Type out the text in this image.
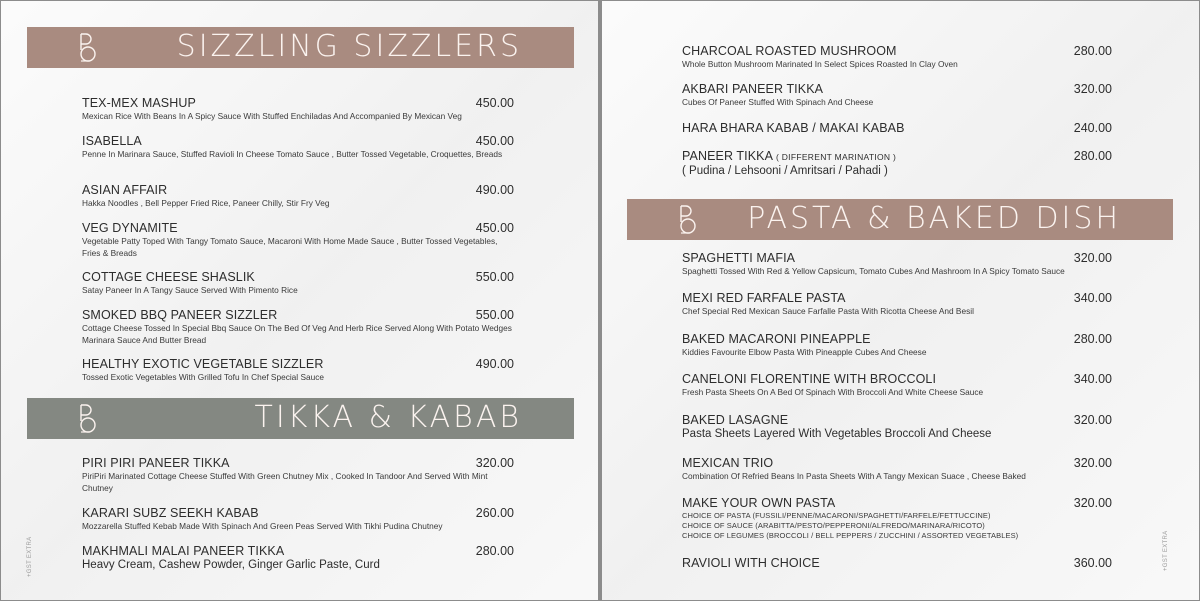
SIZZLING SIZZLERS
TEX-MEX MASHUP	450.00
Mexican Rice With Beans In A Spicy Sauce With Stuffed Enchiladas And Accompanied By Mexican Veg
ISABELLA	450.00
Penne In Marinara Sauce, Stuffed Ravioli In Cheese Tomato Sauce , Butter Tossed Vegetable, Croquettes, Breads
ASIAN AFFAIR	490.00
Hakka Noodles , Bell Pepper Fried Rice, Paneer Chilly, Stir Fry Veg
VEG DYNAMITE	450.00
Vegetable Patty Toped With Tangy Tomato Sauce, Macaroni With Home Made Sauce , Butter Tossed Vegetables, Fries & Breads
COTTAGE CHEESE SHASLIK	550.00
Satay Paneer In A Tangy Sauce Served With Pimento Rice
SMOKED BBQ PANEER SIZZLER	550.00
Cottage Cheese Tossed In Special Bbq Sauce On The Bed Of Veg And Herb Rice Served Along With Potato Wedges Marinara Sauce And Butter Bread
HEALTHY EXOTIC VEGETABLE SIZZLER	490.00
Tossed Exotic Vegetables With Grilled Tofu In Chef Special Sauce
TIKKA & KABAB
PIRI PIRI PANEER TIKKA	320.00
PiriPiri Marinated Cottage Cheese Stuffed With Green Chutney Mix , Cooked In Tandoor And Served With Mint Chutney
KARARI SUBZ SEEKH KABAB	260.00
Mozzarella Stuffed Kebab Made With Spinach And Green Peas Served With Tikhi Pudina Chutney
MAKHMALI MALAI PANEER TIKKA	280.00
Heavy Cream, Cashew Powder, Ginger Garlic Paste, Curd
+GST EXTRA
CHARCOAL ROASTED MUSHROOM	280.00
Whole Button Mushroom Marinated In Select Spices Roasted In Clay Oven
AKBARI PANEER TIKKA	320.00
Cubes Of Paneer Stuffed With Spinach And Cheese
HARA BHARA KABAB / MAKAI KABAB	240.00
PANEER TIKKA ( DIFFERENT MARINATION )	280.00
( Pudina / Lehsooni / Amritsari / Pahadi )
PASTA & BAKED DISH
SPAGHETTI MAFIA	320.00
Spaghetti Tossed With Red & Yellow Capsicum, Tomato Cubes And Mashroom In A Spicy Tomato Sauce
MEXI RED FARFALE PASTA	340.00
Chef Special Red Mexican Sauce Farfalle Pasta With Ricotta Cheese And Besil
BAKED MACARONI PINEAPPLE	280.00
Kiddies Favourite Elbow Pasta With Pineapple Cubes And Cheese
CANELONI FLORENTINE WITH BROCCOLI	340.00
Fresh Pasta Sheets On A Bed Of Spinach With Broccoli And White Cheese Sauce
BAKED LASAGNE	320.00
Pasta Sheets Layered With Vegetables Broccoli And Cheese
MEXICAN TRIO	320.00
Combination Of Refried Beans In Pasta Sheets With A Tangy Mexican Suace , Cheese Baked
MAKE YOUR OWN PASTA	320.00
CHOICE OF PASTA (FUSSILI/PENNE/MACARONI/SPAGHETTI/FARFELE/FETTUCCINE)
CHOICE OF SAUCE (ARABITTA/PESTO/PEPPERONI/ALFREDO/MARINARA/RICOTO)
CHOICE OF LEGUMES (BROCCOLI / BELL PEPPERS / ZUCCHINI / ASSORTED VEGETABLES)
RAVIOLI WITH CHOICE	360.00	+GST EXTRA
